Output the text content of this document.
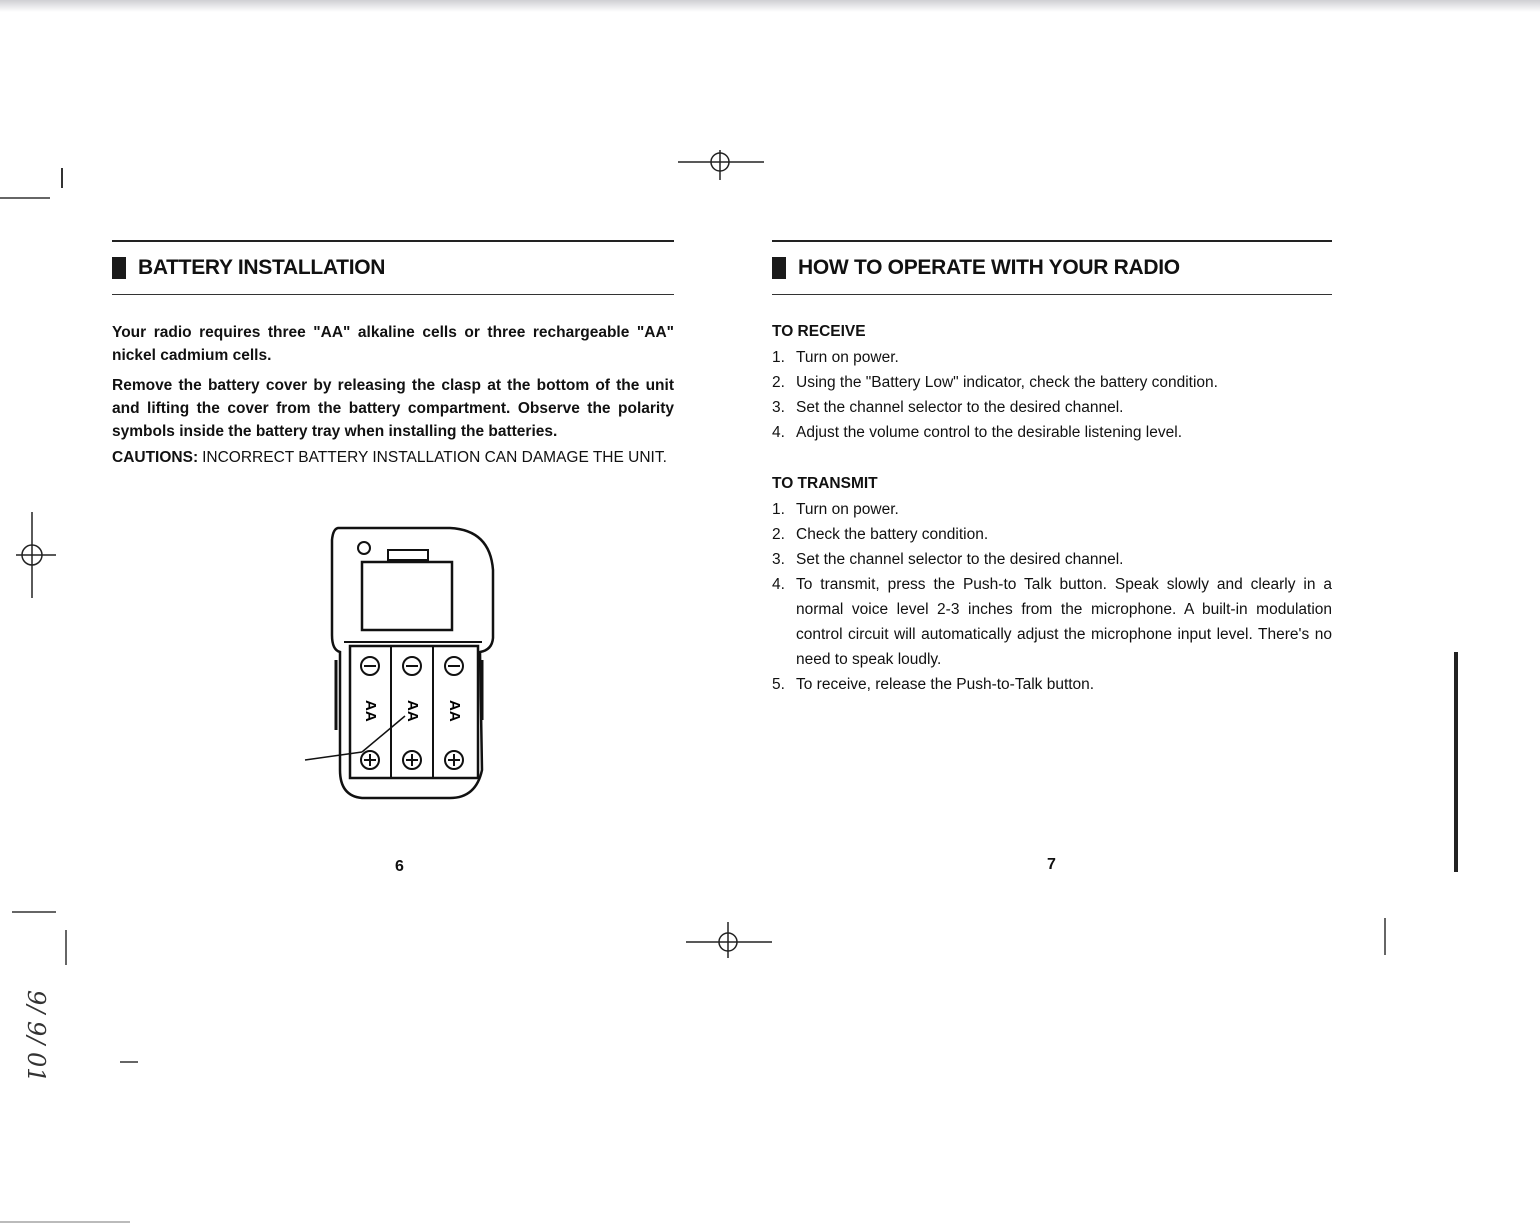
BATTERY INSTALLATION

Your radio requires three "AA" alkaline cells or three rechargeable "AA" nickel cadmium cells.

Remove the battery cover by releasing the clasp at the bottom of the unit and lifting the cover from the battery compartment. Observe the polarity symbols inside the battery tray when installing the batteries.

CAUTIONS: INCORRECT BATTERY INSTALLATION CAN DAMAGE THE UNIT.
AA AA AA
6
HOW TO OPERATE WITH YOUR RADIO

TO RECEIVE

1. Turn on power.
2. Using the "Battery Low" indicator, check the battery condition.
3. Set the channel selector to the desired channel.
4. Adjust the volume control to the desirable listening level.

TO TRANSMIT

1. Turn on power.
2. Check the battery condition.
3. Set the channel selector to the desired channel.
4. To transmit, press the Push-to Talk button. Speak slowly and clearly in a normal voice level 2-3 inches from the microphone. A built-in modulation control circuit will automatically adjust the microphone input level. There's no need to speak loudly.
5. To receive, release the Push-to-Talk button.
7
9/ 9/ 01
